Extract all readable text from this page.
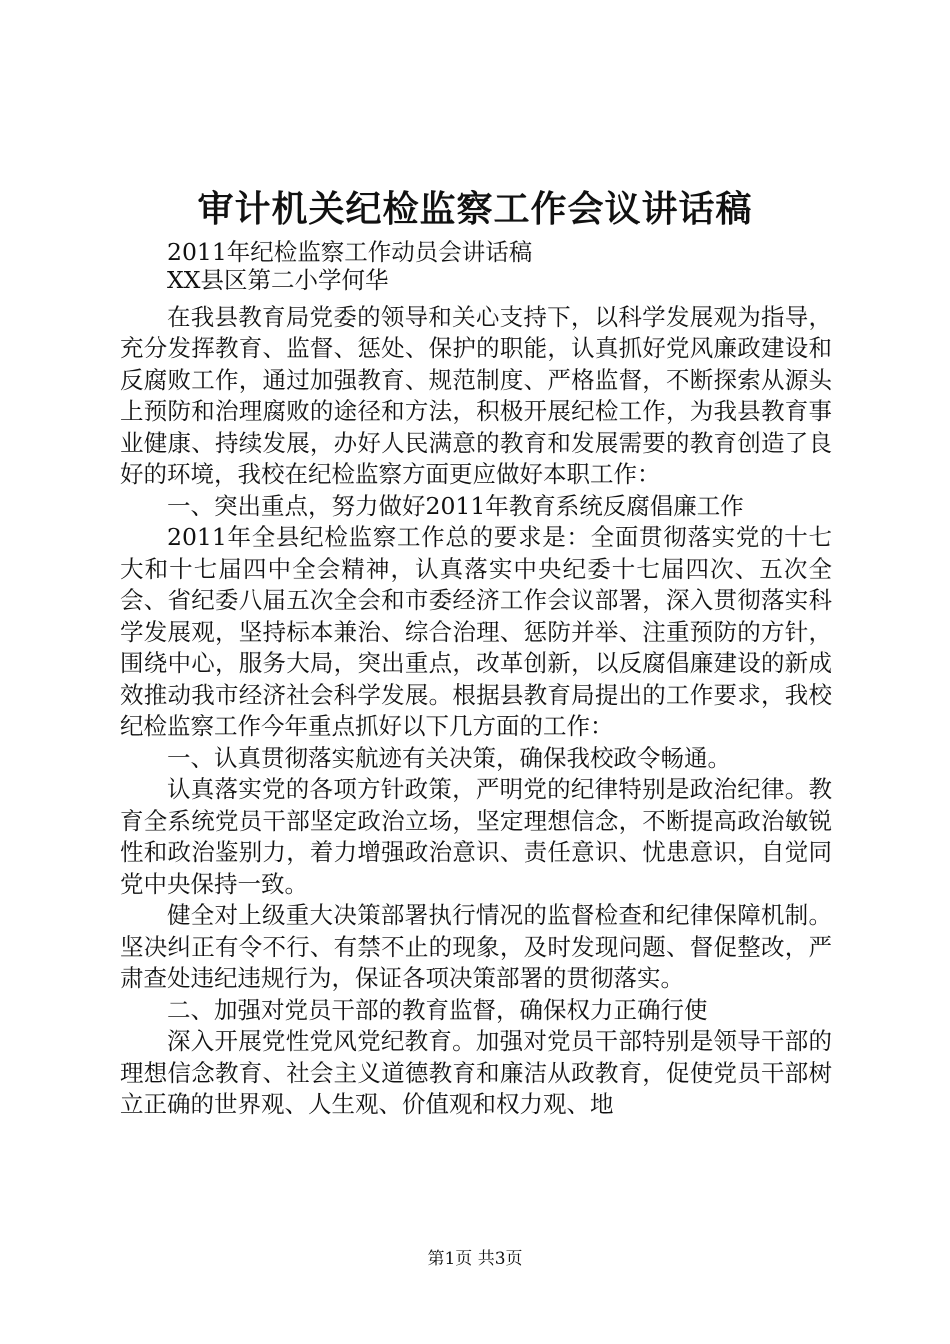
审计机关纪检监察工作会议讲话稿

2011年纪检监察工作动员会讲话稿

XX县区第二小学何华

在我县教育局党委的领导和关心支持下，以科学发展观为指导，充分发挥教育、监督、惩处、保护的职能，认真抓好党风廉政建设和反腐败工作，通过加强教育、规范制度、严格监督，不断探索从源头上预防和治理腐败的途径和方法，积极开展纪检工作，为我县教育事业健康、持续发展，办好人民满意的教育和发展需要的教育创造了良好的环境，我校在纪检监察方面更应做好本职工作：

一、突出重点，努力做好2011年教育系统反腐倡廉工作

2011年全县纪检监察工作总的要求是：全面贯彻落实党的十七大和十七届四中全会精神，认真落实中央纪委十七届四次、五次全会、省纪委八届五次全会和市委经济工作会议部署，深入贯彻落实科学发展观，坚持标本兼治、综合治理、惩防并举、注重预防的方针，围绕中心，服务大局，突出重点，改革创新，以反腐倡廉建设的新成效推动我市经济社会科学发展。根据县教育局提出的工作要求，我校纪检监察工作今年重点抓好以下几方面的工作：

一、认真贯彻落实航迹有关决策，确保我校政令畅通。

认真落实党的各项方针政策，严明党的纪律特别是政治纪律。教育全系统党员干部坚定政治立场，坚定理想信念，不断提高政治敏锐性和政治鉴别力，着力增强政治意识、责任意识、忧患意识，自觉同党中央保持一致。

健全对上级重大决策部署执行情况的监督检查和纪律保障机制。坚决纠正有令不行、有禁不止的现象，及时发现问题、督促整改，严肃查处违纪违规行为，保证各项决策部署的贯彻落实。

二、加强对党员干部的教育监督，确保权力正确行使

深入开展党性党风党纪教育。加强对党员干部特别是领导干部的理想信念教育、社会主义道德教育和廉洁从政教育，促使党员干部树立正确的世界观、人生观、价值观和权力观、地

第1页 共3页
